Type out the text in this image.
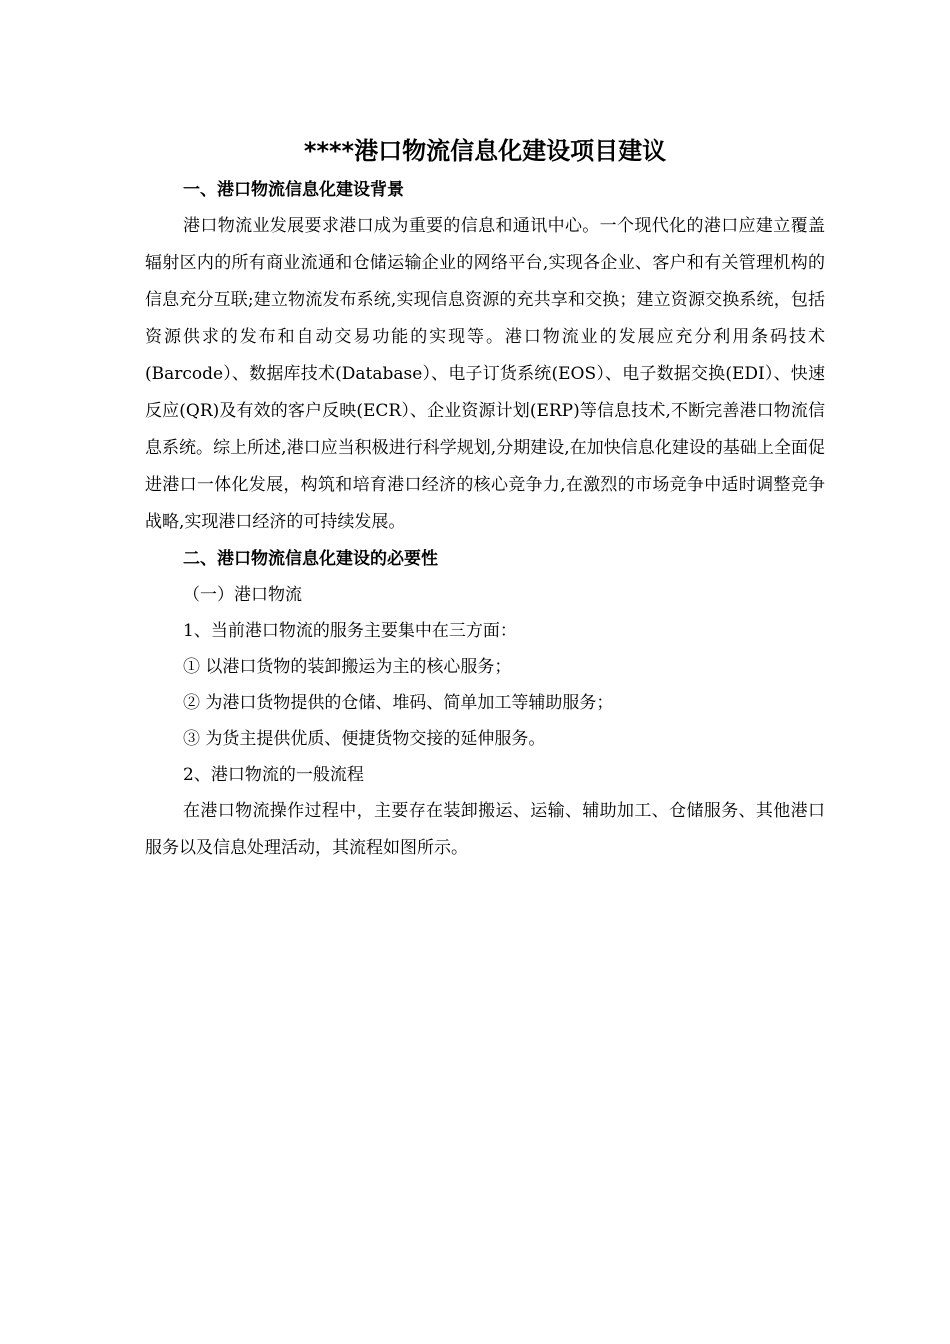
****港口物流信息化建设项目建议

一、港口物流信息化建设背景

港口物流业发展要求港口成为重要的信息和通讯中心。一个现代化的港口应建立覆盖辐射区内的所有商业流通和仓储运输企业的网络平台,实现各企业、客户和有关管理机构的信息充分互联;建立物流发布系统,实现信息资源的充共享和交换；建立资源交换系统，包括资源供求的发布和自动交易功能的实现等。港口物流业的发展应充分利用条码技术(Barcode）、数据库技术(Database）、电子订货系统(EOS）、电子数据交换(EDI）、快速反应(QR)及有效的客户反映(ECR）、企业资源计划(ERP)等信息技术,不断完善港口物流信息系统。综上所述,港口应当积极进行科学规划,分期建设,在加快信息化建设的基础上全面促进港口一体化发展，构筑和培育港口经济的核心竞争力,在激烈的市场竞争中适时调整竞争战略,实现港口经济的可持续发展。

二、港口物流信息化建设的必要性

（一）港口物流

1、当前港口物流的服务主要集中在三方面：

① 以港口货物的装卸搬运为主的核心服务；

② 为港口货物提供的仓储、堆码、简单加工等辅助服务；

③ 为货主提供优质、便捷货物交接的延伸服务。

2、港口物流的一般流程

在港口物流操作过程中，主要存在装卸搬运、运输、辅助加工、仓储服务、其他港口服务以及信息处理活动，其流程如图所示。
